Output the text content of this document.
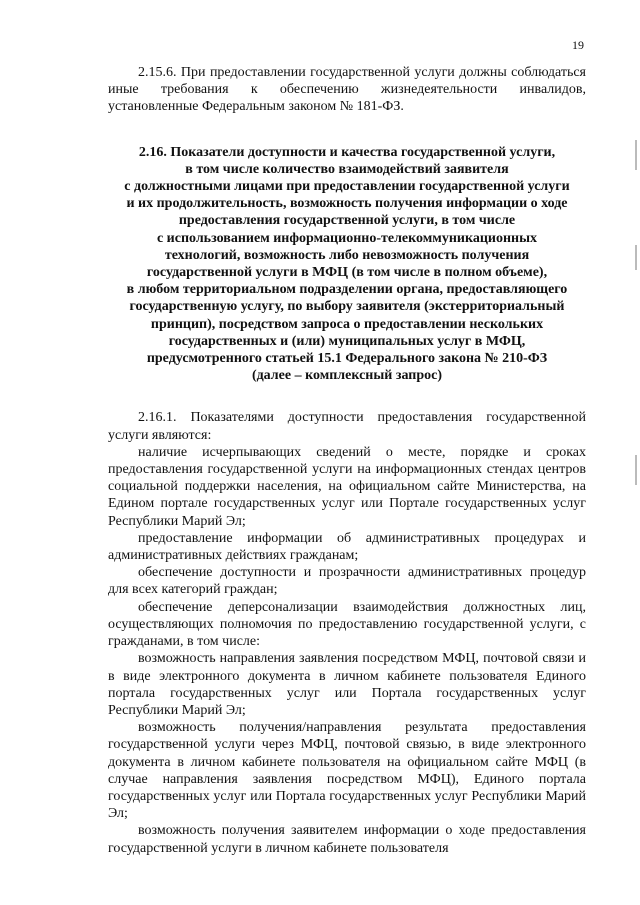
19

2.15.6. При предоставлении государственной услуги должны соблюдаться иные требования к обеспечению жизнедеятельности инвалидов, установленные Федеральным законом № 181-ФЗ.

2.16. Показатели доступности и качества государственной услуги,
в том числе количество взаимодействий заявителя
с должностными лицами при предоставлении государственной услуги
и их продолжительность, возможность получения информации о ходе
предоставления государственной услуги, в том числе
с использованием информационно-телекоммуникационных
технологий, возможность либо невозможность получения
государственной услуги в МФЦ (в том числе в полном объеме),
в любом территориальном подразделении органа, предоставляющего
государственную услугу, по выбору заявителя (экстерриториальный
принцип), посредством запроса о предоставлении нескольких
государственных и (или) муниципальных услуг в МФЦ,
предусмотренного статьей 15.1 Федерального закона № 210-ФЗ
(далее – комплексный запрос)

2.16.1. Показателями доступности предоставления государственной услуги являются:

наличие исчерпывающих сведений о месте, порядке и сроках предоставления государственной услуги на информационных стендах центров социальной поддержки населения, на официальном сайте Министерства, на Едином портале государственных услуг или Портале государственных услуг Республики Марий Эл;

предоставление информации об административных процедурах и административных действиях гражданам;

обеспечение доступности и прозрачности административных процедур для всех категорий граждан;

обеспечение деперсонализации взаимодействия должностных лиц, осуществляющих полномочия по предоставлению государственной услуги, с гражданами, в том числе:

возможность направления заявления посредством МФЦ, почтовой связи и в виде электронного документа в личном кабинете пользователя Единого портала государственных услуг или Портала государственных услуг Республики Марий Эл;

возможность получения/направления результата предоставления государственной услуги через МФЦ, почтовой связью, в виде электронного документа в личном кабинете пользователя на официальном сайте МФЦ (в случае направления заявления посредством МФЦ), Единого портала государственных услуг или Портала государственных услуг Республики Марий Эл;

возможность получения заявителем информации о ходе предоставления государственной услуги в личном кабинете пользователя
